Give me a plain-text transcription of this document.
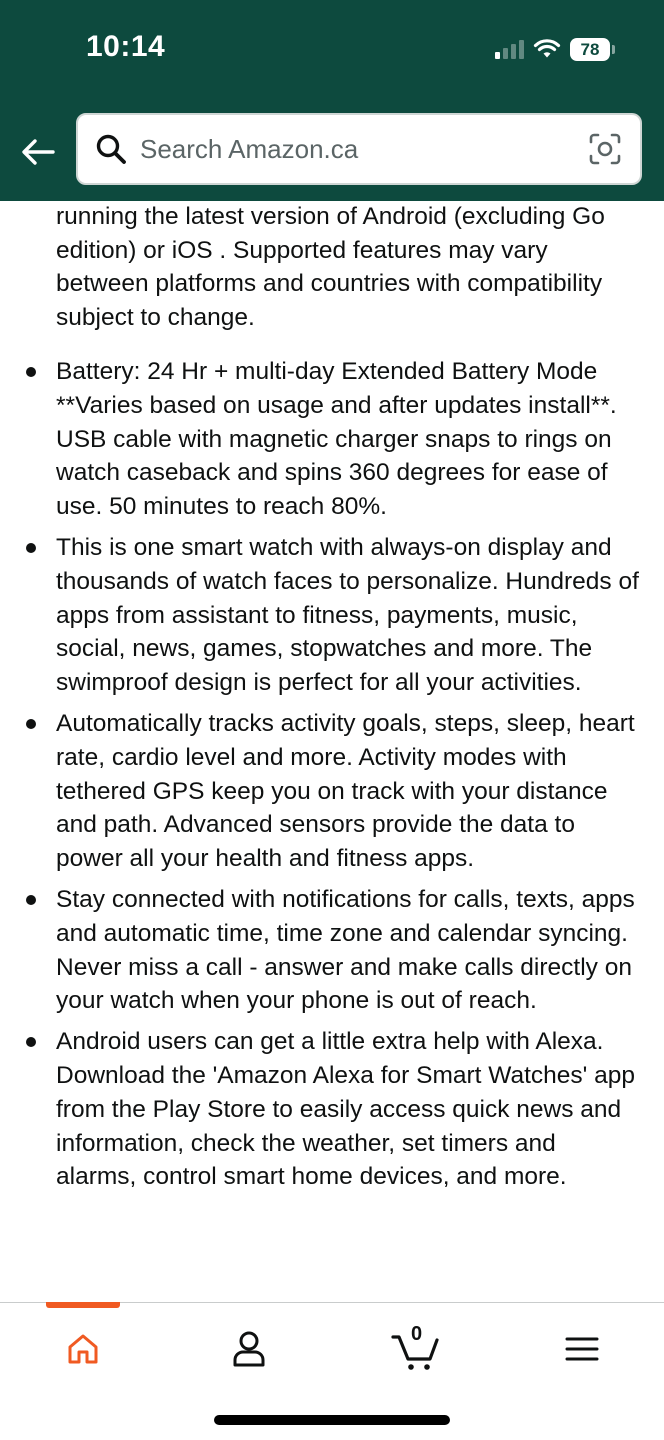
10:14	78
Search Amazon.ca
running the latest version of Android (excluding Go edition) or iOS . Supported features may vary between platforms and countries with compatibility subject to change.
Battery: 24 Hr + multi-day Extended Battery Mode **Varies based on usage and after updates install**. USB cable with magnetic charger snaps to rings on watch caseback and spins 360 degrees for ease of use. 50 minutes to reach 80%.
This is one smart watch with always-on display and thousands of watch faces to personalize. Hundreds of apps from assistant to fitness, payments, music, social, news, games, stopwatches and more. The swimproof design is perfect for all your activities.
Automatically tracks activity goals, steps, sleep, heart rate, cardio level and more. Activity modes with tethered GPS keep you on track with your distance and path. Advanced sensors provide the data to power all your health and fitness apps.
Stay connected with notifications for calls, texts, apps and automatic time, time zone and calendar syncing. Never miss a call - answer and make calls directly on your watch when your phone is out of reach.
Android users can get a little extra help with Alexa. Download the 'Amazon Alexa for Smart Watches' app from the Play Store to easily access quick news and information, check the weather, set timers and alarms, control smart home devices, and more.
0
